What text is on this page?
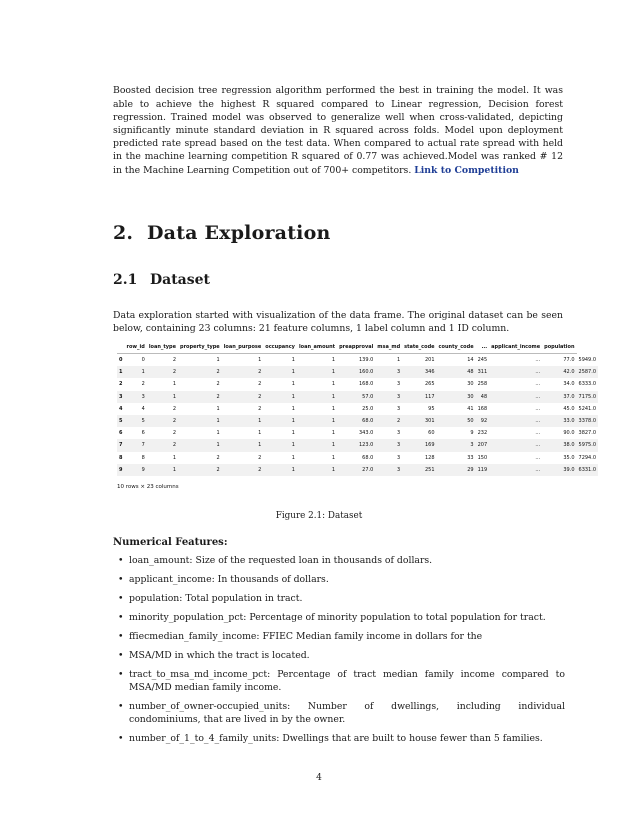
Boosted decision tree regression algorithm performed the best in training the model. It was able to achieve the highest R squared compared to Linear regression, Decision forest regression. Trained model was observed to generalize well when cross-validated, depicting significantly minute standard deviation in R squared across folds. Model upon deployment predicted rate spread based on the test data. When compared to actual rate spread with held in the machine learning competition R squared of 0.77 was achieved.Model was ranked # 12 in the Machine Learning Competition out of 700+ competitors. Link to Competition

2. Data Exploration
2.1 Dataset

Data exploration started with visualization of the data frame. The original dataset can be seen below, containing 23 columns: 21 feature columns, 1 label column and 1 ID column.

	row_id	loan_type	property_type	loan_purpose	occupancy	loan_amount	preapproval	msa_md	state_code	county_code	...	applicant_income	population	
0	0	2	1	1	1	1	139.0	1	201	14	245	...	77.0	5949.0
1	1	2	2	2	1	1	160.0	3	346	48	311	...	42.0	2587.0
2	2	1	2	2	1	1	168.0	3	265	30	258	...	34.0	6333.0
3	3	1	2	2	1	1	57.0	3	117	30	48	...	37.0	7175.0
4	4	2	1	2	1	1	25.0	3	95	41	168	...	45.0	5241.0
5	5	2	1	1	1	1	68.0	2	301	50	92	...	33.0	3378.0
6	6	2	1	1	1	1	343.0	3	60	9	232	...	90.0	3827.0
7	7	2	1	1	1	1	123.0	3	169	3	207	...	38.0	5975.0
8	8	1	2	2	1	1	68.0	3	128	33	150	...	35.0	7294.0
9	9	1	2	2	1	1	27.0	3	251	29	119	...	39.0	6331.0
10 rows × 23 columns
Figure 2.1: Dataset
Numerical Features:
• loan_amount: Size of the requested loan in thousands of dollars.
• applicant_income: In thousands of dollars.
• population: Total population in tract.
• minority_population_pct: Percentage of minority population to total population for tract.
• ffiecmedian_family_income: FFIEC Median family income in dollars for the
• MSA/MD in which the tract is located.
• tract_to_msa_md_income_pct: Percentage of tract median family income compared to MSA/MD median family income.
• number_of_owner-occupied_units: Number of dwellings, including individual condominiums, that are lived in by the owner.
• number_of_1_to_4_family_units: Dwellings that are built to house fewer than 5 families.
4
